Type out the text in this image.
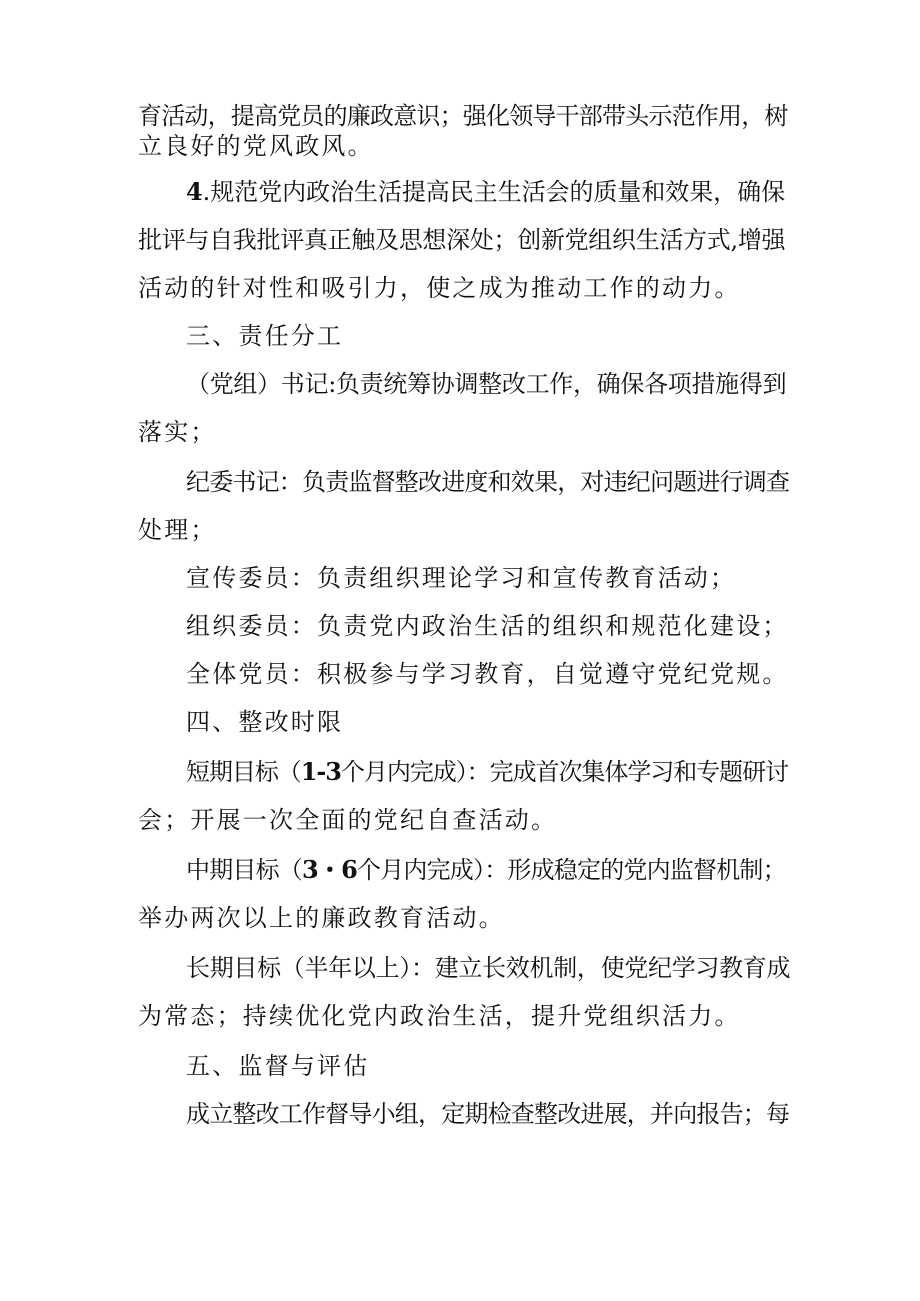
育活动，提高党员的廉政意识；强化领导干部带头示范作用，树
立良好的党风政风。
4.规范党内政治生活提高民主生活会的质量和效果，确保
批评与自我批评真正触及思想深处；创新党组织生活方式,增强
活动的针对性和吸引力，使之成为推动工作的动力。
三、责任分工
（党组）书记:负责统筹协调整改工作，确保各项措施得到
落实；
纪委书记：负责监督整改进度和效果，对违纪问题进行调查
处理；
宣传委员：负责组织理论学习和宣传教育活动；
组织委员：负责党内政治生活的组织和规范化建设；
全体党员：积极参与学习教育，自觉遵守党纪党规。
四、整改时限
短期目标（1-3个月内完成）：完成首次集体学习和专题研讨
会；开展一次全面的党纪自查活动。
中期目标（3・6个月内完成）：形成稳定的党内监督机制；
举办两次以上的廉政教育活动。
长期目标（半年以上）：建立长效机制，使党纪学习教育成
为常态；持续优化党内政治生活，提升党组织活力。
五、监督与评估
成立整改工作督导小组，定期检查整改进展，并向报告；每
